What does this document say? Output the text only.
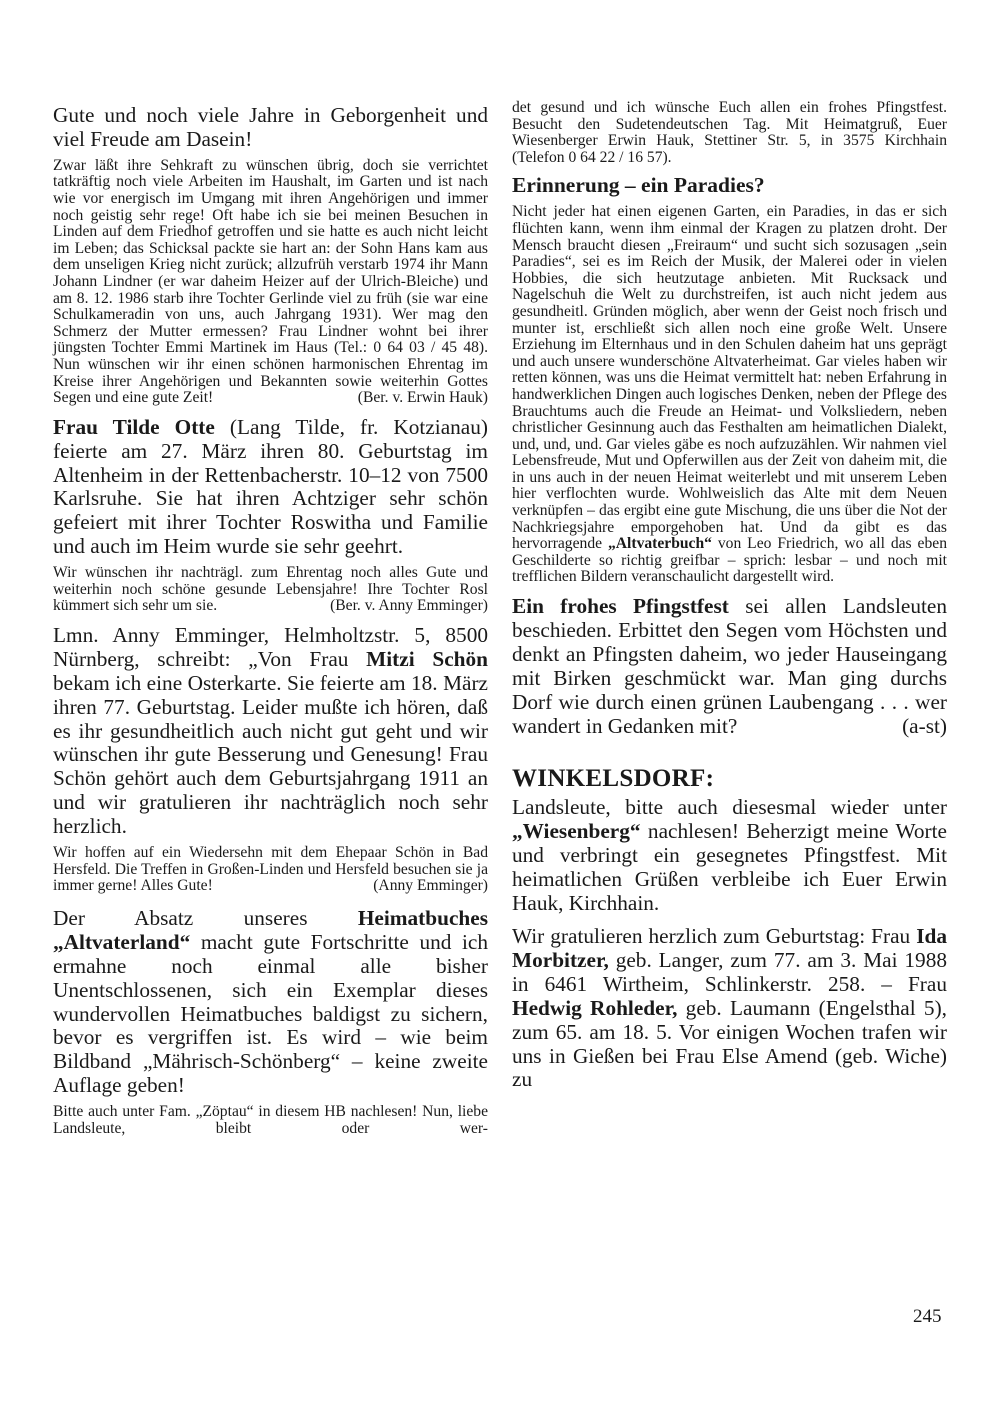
Gute und noch viele Jahre in Geborgenheit und viel Freude am Dasein!

Zwar läßt ihre Sehkraft zu wünschen übrig, doch sie verrichtet tatkräftig noch viele Arbeiten im Haushalt, im Garten und ist nach wie vor energisch im Umgang mit ihren Angehörigen und immer noch geistig sehr rege! Oft habe ich sie bei meinen Besuchen in Linden auf dem Friedhof getroffen und sie hatte es auch nicht leicht im Leben; das Schicksal packte sie hart an: der Sohn Hans kam aus dem unseligen Krieg nicht zurück; allzufrüh verstarb 1974 ihr Mann Johann Lindner (er war daheim Heizer auf der Ulrich-Bleiche) und am 8. 12. 1986 starb ihre Tochter Gerlinde viel zu früh (sie war eine Schulkameradin von uns, auch Jahrgang 1931). Wer mag den Schmerz der Mutter ermessen? Frau Lindner wohnt bei ihrer jüngsten Tochter Emmi Martinek im Haus (Tel.: 0 64 03 / 45 48). Nun wünschen wir ihr einen schönen harmonischen Ehrentag im Kreise ihrer Angehörigen und Bekannten sowie weiterhin Gottes Segen und eine gute Zeit!	(Ber. v. Erwin Hauk)

Frau Tilde Otte (Lang Tilde, fr. Kotzianau) feierte am 27. März ihren 80. Geburtstag im Altenheim in der Rettenbacherstr. 10–12 von 7500 Karlsruhe. Sie hat ihren Achtziger sehr schön gefeiert mit ihrer Tochter Roswitha und Familie und auch im Heim wurde sie sehr geehrt.

Wir wünschen ihr nachträgl. zum Ehrentag noch alles Gute und weiterhin noch schöne gesunde Lebensjahre! Ihre Tochter Rosl kümmert sich sehr um sie.	(Ber. v. Anny Emminger)

Lmn. Anny Emminger, Helmholtzstr. 5, 8500 Nürnberg, schreibt: „Von Frau Mitzi Schön bekam ich eine Osterkarte. Sie feierte am 18. März ihren 77. Geburtstag. Leider mußte ich hören, daß es ihr gesundheitlich auch nicht gut geht und wir wünschen ihr gute Besserung und Genesung! Frau Schön gehört auch dem Geburtsjahrgang 1911 an und wir gratulieren ihr nachträglich noch sehr herzlich.

Wir hoffen auf ein Wiedersehn mit dem Ehepaar Schön in Bad Hersfeld. Die Treffen in Großen-Linden und Hersfeld besuchen sie ja immer gerne! Alles Gute!	(Anny Emminger)

Der Absatz unseres Heimatbuches „Altvaterland“ macht gute Fortschritte und ich ermahne noch einmal alle bisher Unentschlossenen, sich ein Exemplar dieses wundervollen Heimatbuches baldigst zu sichern, bevor es vergriffen ist. Es wird – wie beim Bildband „Mährisch-Schönberg“ – keine zweite Auflage geben!

Bitte auch unter Fam. „Zöptau“ in diesem HB nachlesen! Nun, liebe Landsleute, bleibt oder wer-

det gesund und ich wünsche Euch allen ein frohes Pfingstfest. Besucht den Sudetendeutschen Tag. Mit Heimatgruß, Euer Wiesenberger Erwin Hauk, Stettiner Str. 5, in 3575 Kirchhain (Telefon 0 64 22 / 16 57).

Erinnerung – ein Paradies?

Nicht jeder hat einen eigenen Garten, ein Paradies, in das er sich flüchten kann, wenn ihm einmal der Kragen zu platzen droht. Der Mensch braucht diesen „Freiraum“ und sucht sich sozusagen „sein Paradies“, sei es im Reich der Musik, der Malerei oder in vielen Hobbies, die sich heutzutage anbieten. Mit Rucksack und Nagelschuh die Welt zu durchstreifen, ist auch nicht jedem aus gesundheitl. Gründen möglich, aber wenn der Geist noch frisch und munter ist, erschließt sich allen noch eine große Welt. Unsere Erziehung im Elternhaus und in den Schulen daheim hat uns geprägt und auch unsere wunderschöne Altvaterheimat. Gar vieles haben wir retten können, was uns die Heimat vermittelt hat: neben Erfahrung in handwerklichen Dingen auch logisches Denken, neben der Pflege des Brauchtums auch die Freude an Heimat- und Volksliedern, neben christlicher Gesinnung auch das Festhalten am heimatlichen Dialekt, und, und, und. Gar vieles gäbe es noch aufzuzählen. Wir nahmen viel Lebensfreude, Mut und Opferwillen aus der Zeit von daheim mit, die in uns auch in der neuen Heimat weiterlebt und mit unserem Leben hier verflochten wurde. Wohlweislich das Alte mit dem Neuen verknüpfen – das ergibt eine gute Mischung, die uns über die Not der Nachkriegsjahre emporgehoben hat. Und da gibt es das hervorragende „Altvaterbuch“ von Leo Friedrich, wo all das eben Geschilderte so richtig greifbar – sprich: lesbar – und noch mit trefflichen Bildern veranschaulicht dargestellt wird.

Ein frohes Pfingstfest sei allen Landsleuten beschieden. Erbittet den Segen vom Höchsten und denkt an Pfingsten daheim, wo jeder Hauseingang mit Birken geschmückt war. Man ging durchs Dorf wie durch einen grünen Laubengang . . . wer wandert in Gedanken mit?	(a-st)

WINKELSDORF:

Landsleute, bitte auch diesesmal wieder unter „Wiesenberg“ nachlesen! Beherzigt meine Worte und verbringt ein gesegnetes Pfingstfest. Mit heimatlichen Grüßen verbleibe ich Euer Erwin Hauk, Kirchhain.

Wir gratulieren herzlich zum Geburtstag: Frau Ida Morbitzer, geb. Langer, zum 77. am 3. Mai 1988 in 6461 Wirtheim, Schlinkerstr. 258. – Frau Hedwig Rohleder, geb. Laumann (Engelsthal 5), zum 65. am 18. 5. Vor einigen Wochen trafen wir uns in Gießen bei Frau Else Amend (geb. Wiche) zu

245
